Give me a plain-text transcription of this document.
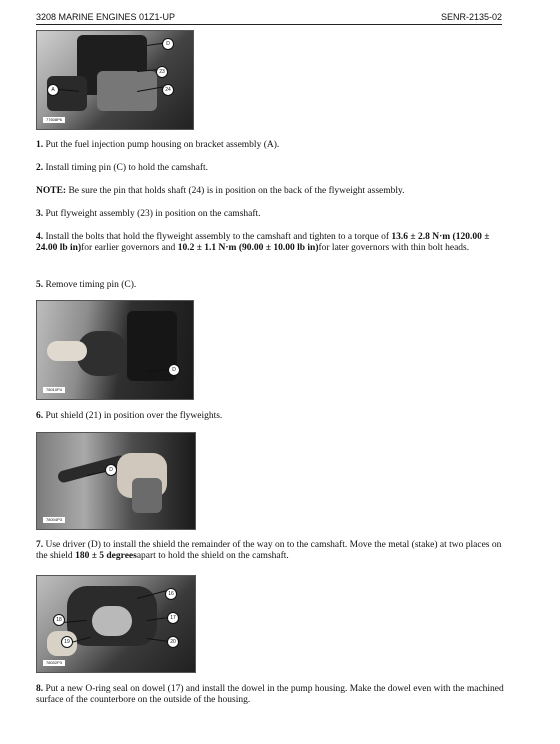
3208 MARINE ENGINES 01Z1-UP	SENR-2135-02
D
23
24
A
77608P6
1. Put the fuel injection pump housing on bracket assembly (A).
2. Install timing pin (C) to hold the camshaft.
NOTE: Be sure the pin that holds shaft (24) is in position on the back of the flyweight assembly.
3. Put flyweight assembly (23) in position on the camshaft.
4. Install the bolts that hold the flyweight assembly to the camshaft and tighten to a torque of 13.6 ± 2.8 N·m (120.00 ± 24.00 lb in)for earlier governors and 10.2 ± 1.1 N·m (90.00 ± 10.00 lb in)for later governors with thin bolt heads.
5. Remove timing pin (C).
D
78010P4
6. Put shield (21) in position over the flyweights.
D
78004P3
7. Use driver (D) to install the shield the remainder of the way on to the camshaft. Move the metal (stake) at two places on the shield 180 ± 5 degreesapart to hold the shield on the camshaft.
16
18	17
19	20
78002P3
8. Put a new O-ring seal on dowel (17) and install the dowel in the pump housing. Make the dowel even with the machined surface of the counterbore on the outside of the housing.
